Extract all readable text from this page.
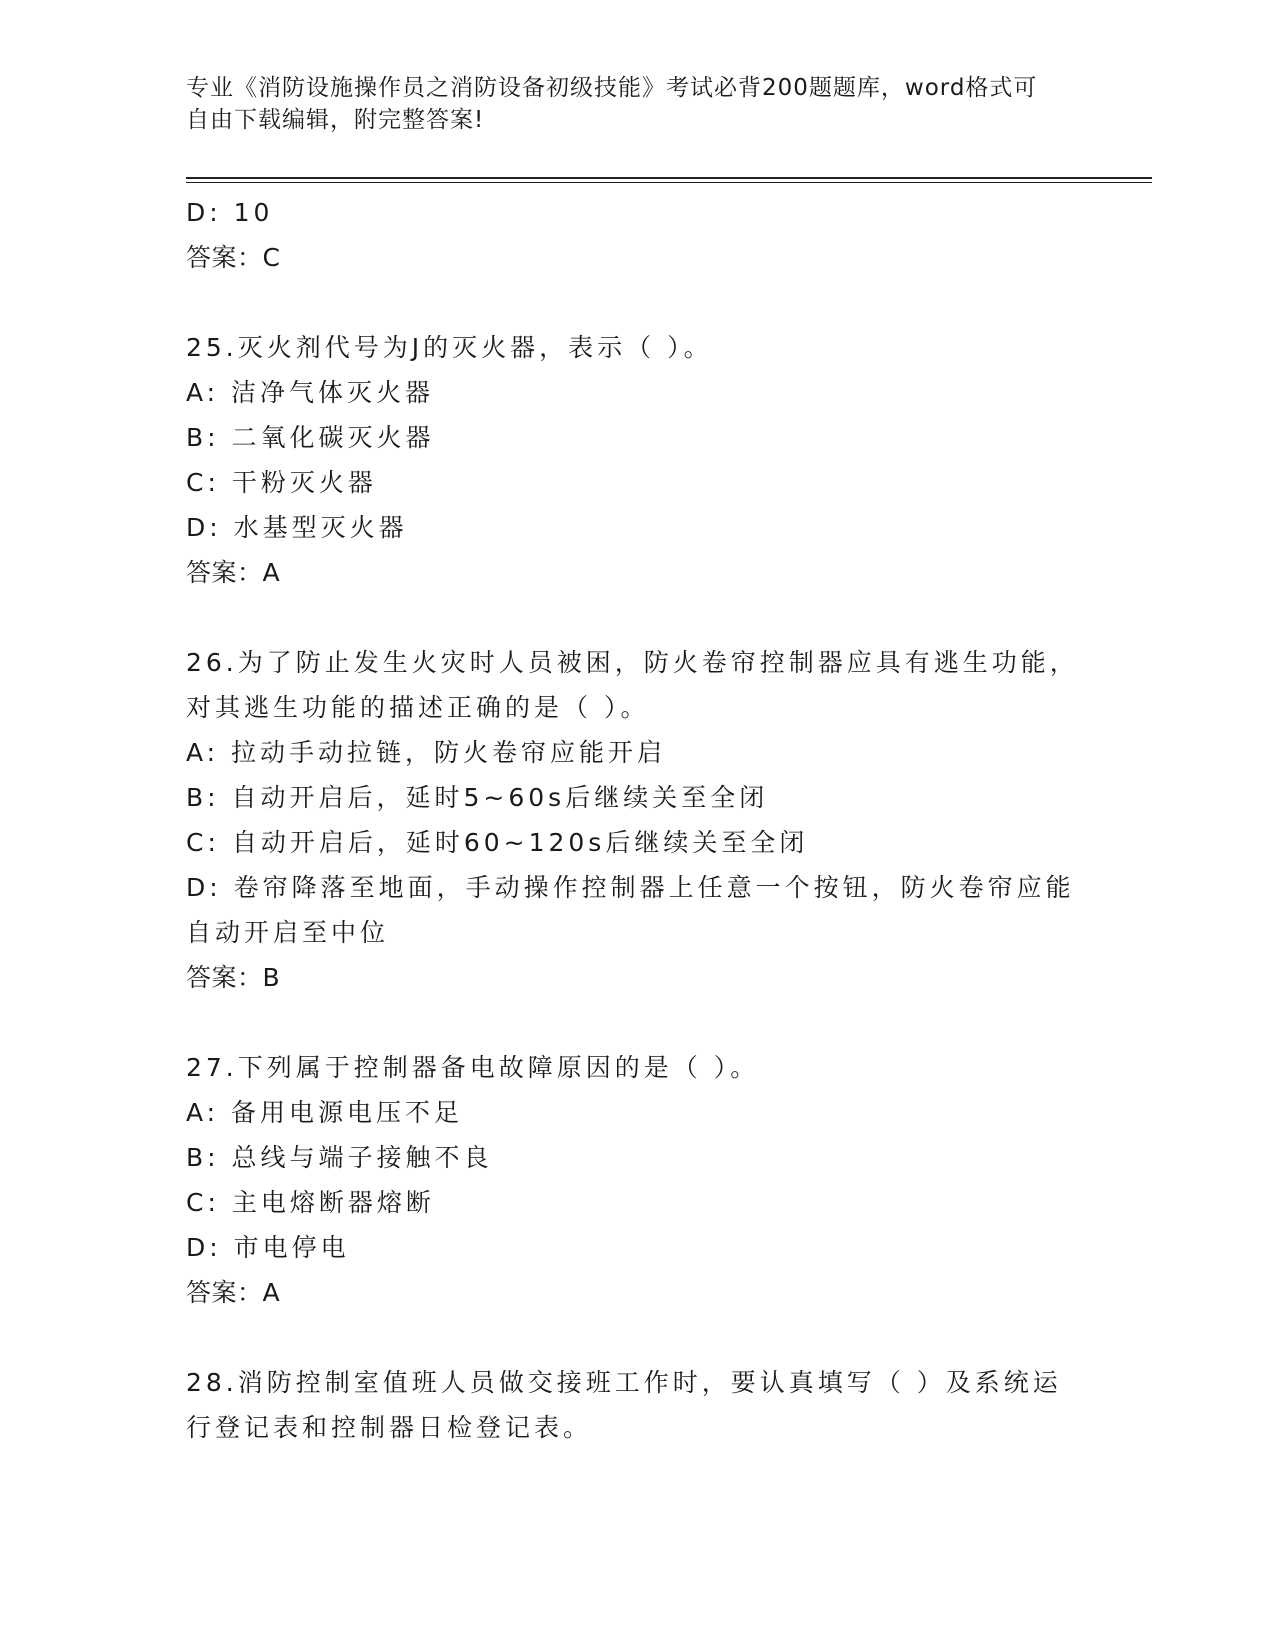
专业《消防设施操作员之消防设备初级技能》考试必背200题题库，word格式可
自由下载编辑，附完整答案!
D: 10
答案：C
25.灭火剂代号为J的灭火器，表示（ ）。
A: 洁净气体灭火器
B: 二氧化碳灭火器
C: 干粉灭火器
D: 水基型灭火器
答案：A
26.为了防止发生火灾时人员被困，防火卷帘控制器应具有逃生功能，
对其逃生功能的描述正确的是（ ）。
A: 拉动手动拉链，防火卷帘应能开启
B: 自动开启后，延时5~60s后继续关至全闭
C: 自动开启后，延时60~120s后继续关至全闭
D: 卷帘降落至地面，手动操作控制器上任意一个按钮，防火卷帘应能
自动开启至中位
答案：B
27.下列属于控制器备电故障原因的是（ ）。
A: 备用电源电压不足
B: 总线与端子接触不良
C: 主电熔断器熔断
D: 市电停电
答案：A
28.消防控制室值班人员做交接班工作时，要认真填写（ ）及系统运
行登记表和控制器日检登记表。
